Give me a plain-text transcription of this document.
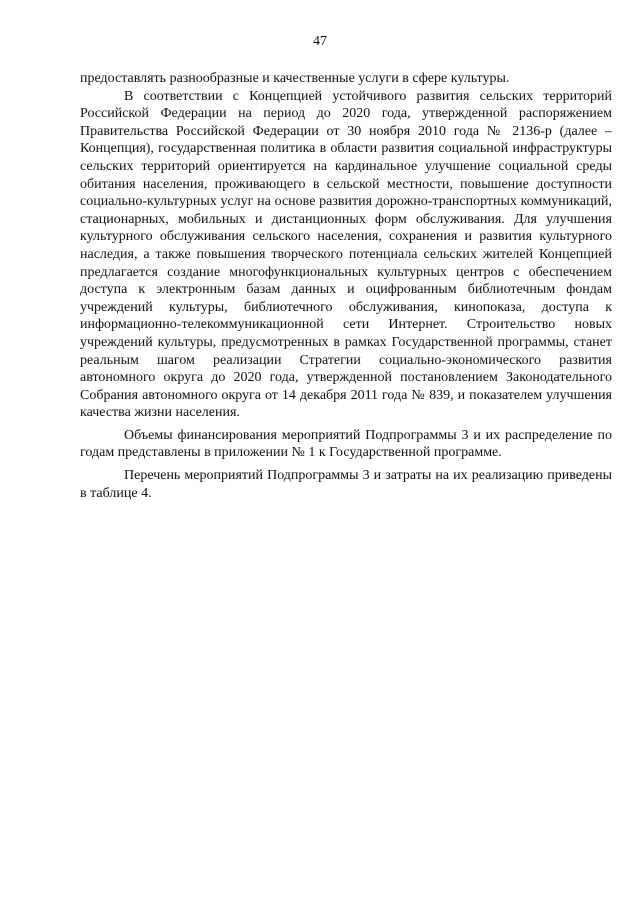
47

предоставлять разнообразные и качественные услуги в сфере культуры.

В соответствии с Концепцией устойчивого развития сельских территорий Российской Федерации на период до 2020 года, утвержденной распоряжением Правительства Российской Федерации от 30 ноября 2010 года № 2136-р (далее – Концепция), государственная политика в области развития социальной инфраструктуры сельских территорий ориентируется на кардинальное улучшение социальной среды обитания населения, проживающего в сельской местности, повышение доступности социально-культурных услуг на основе развития дорожно-транспортных коммуникаций, стационарных, мобильных и дистанционных форм обслуживания. Для улучшения культурного обслуживания сельского населения, сохранения и развития культурного наследия, а также повышения творческого потенциала сельских жителей Концепцией предлагается создание многофункциональных культурных центров с обеспечением доступа к электронным базам данных и оцифрованным библиотечным фондам учреждений культуры, библиотечного обслуживания, кинопоказа, доступа к информационно-телекоммуникационной сети Интернет. Строительство новых учреждений культуры, предусмотренных в рамках Государственной программы, станет реальным шагом реализации Стратегии социально-экономического развития автономного округа до 2020 года, утвержденной постановлением Законодательного Собрания автономного округа от 14 декабря 2011 года № 839, и показателем улучшения качества жизни населения.

Объемы финансирования мероприятий Подпрограммы 3 и их распределение по годам представлены в приложении № 1 к Государственной программе.

Перечень мероприятий Подпрограммы 3 и затраты на их реализацию приведены в таблице 4.
